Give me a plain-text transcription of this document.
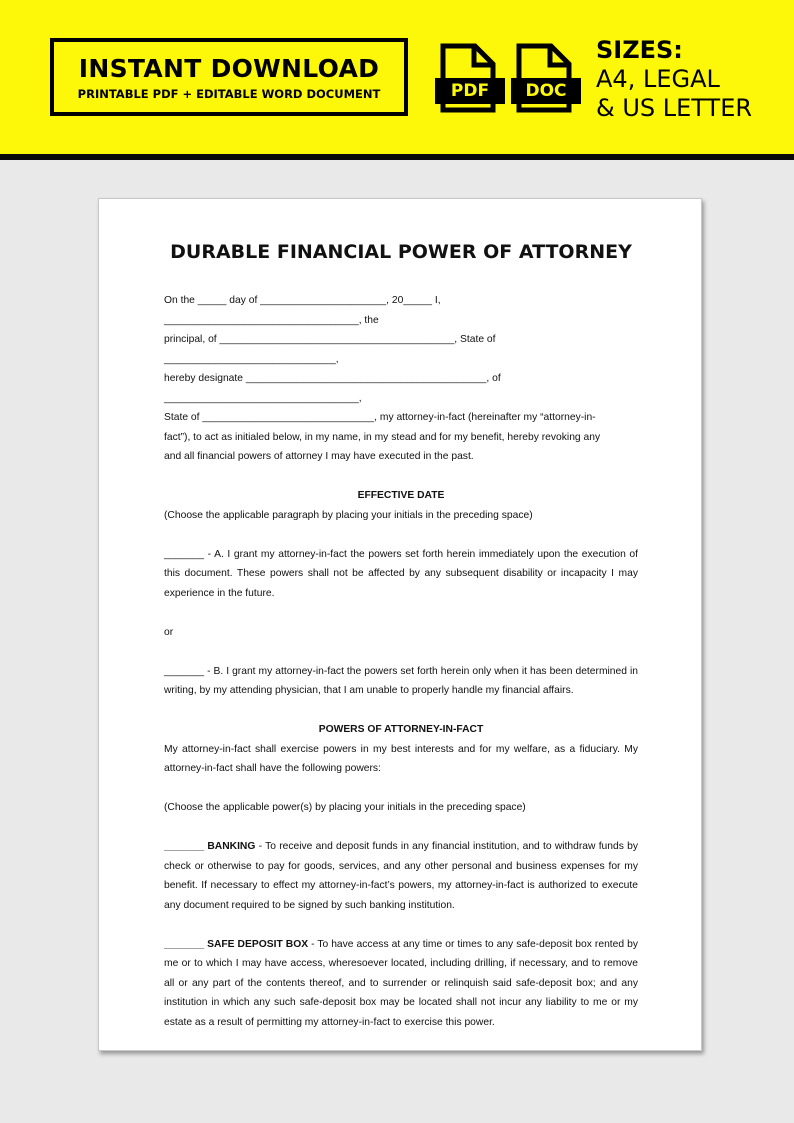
INSTANT DOWNLOAD
PRINTABLE PDF + EDITABLE WORD DOCUMENT	PDF	DOC
SIZES:
A4, LEGAL
& US LETTER
DURABLE FINANCIAL POWER OF ATTORNEY

On the _____ day of ______________________, 20_____ I, __________________________________, the

principal, of _________________________________________, State of ______________________________,

hereby designate __________________________________________, of __________________________________,

State of ______________________________, my attorney-in-fact (hereinafter my “attorney-in-

fact”), to act as initialed below, in my name, in my stead and for my benefit, hereby revoking any

and all financial powers of attorney I may have executed in the past.

EFFECTIVE DATE

(Choose the applicable paragraph by placing your initials in the preceding space)

_______ - A. I grant my attorney-in-fact the powers set forth herein immediately upon the execution of this document. These powers shall not be affected by any subsequent disability or incapacity I may experience in the future.

or

_______ - B. I grant my attorney-in-fact the powers set forth herein only when it has been determined in writing, by my attending physician, that I am unable to properly handle my financial affairs.

POWERS OF ATTORNEY-IN-FACT

My attorney-in-fact shall exercise powers in my best interests and for my welfare, as a fiduciary. My attorney-in-fact shall have the following powers:

(Choose the applicable power(s) by placing your initials in the preceding space)

_______ BANKING - To receive and deposit funds in any financial institution, and to withdraw funds by check or otherwise to pay for goods, services, and any other personal and business expenses for my benefit. If necessary to effect my attorney-in-fact’s powers, my attorney-in-fact is authorized to execute any document required to be signed by such banking institution.

_______ SAFE DEPOSIT BOX - To have access at any time or times to any safe-deposit box rented by me or to which I may have access, wheresoever located, including drilling, if necessary, and to remove all or any part of the contents thereof, and to surrender or relinquish said safe-deposit box; and any institution in which any such safe-deposit box may be located shall not incur any liability to me or my estate as a result of permitting my attorney-in-fact to exercise this power.
